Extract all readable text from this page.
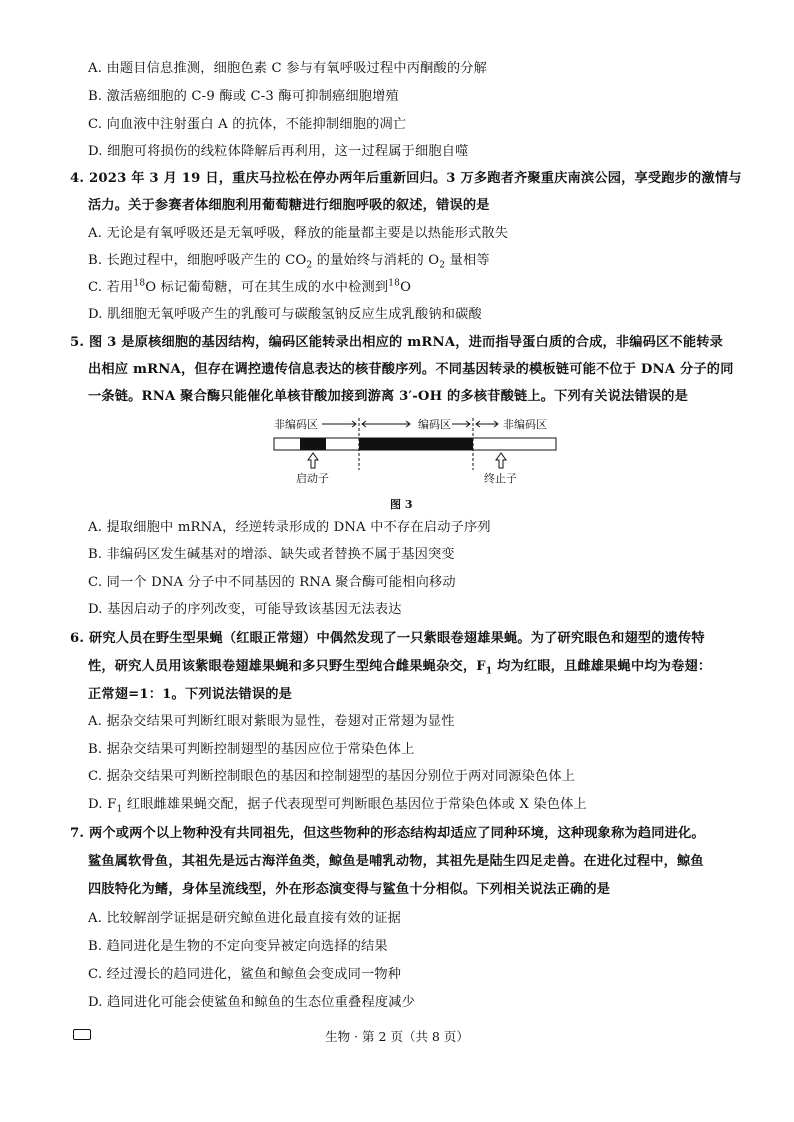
A. 由题目信息推测，细胞色素 C 参与有氧呼吸过程中丙酮酸的分解
B. 激活癌细胞的 C-9 酶或 C-3 酶可抑制癌细胞增殖
C. 向血液中注射蛋白 A 的抗体，不能抑制细胞的凋亡
D. 细胞可将损伤的线粒体降解后再利用，这一过程属于细胞自噬
4. 2023 年 3 月 19 日，重庆马拉松在停办两年后重新回归。3 万多跑者齐聚重庆南滨公园，享受跑步的激情与
活力。关于参赛者体细胞利用葡萄糖进行细胞呼吸的叙述，错误的是
A. 无论是有氧呼吸还是无氧呼吸，释放的能量都主要是以热能形式散失
B. 长跑过程中，细胞呼吸产生的 $CO_2$ 的量始终与消耗的 $O_2$ 量相等
C. 若用$^{18}$O 标记葡萄糖，可在其生成的水中检测到$^{18}$O
D. 肌细胞无氧呼吸产生的乳酸可与碳酸氢钠反应生成乳酸钠和碳酸
5. 图 3 是原核细胞的基因结构，编码区能转录出相应的 mRNA，进而指导蛋白质的合成，非编码区不能转录
出相应 mRNA，但存在调控遗传信息表达的核苷酸序列。不同基因转录的模板链可能不位于 DNA 分子的同
一条链。RNA 聚合酶只能催化单核苷酸加接到游离 3′-OH 的多核苷酸链上。下列有关说法错误的是
非编码区	编码区	非编码区
启动子	终止子
图 3
A. 提取细胞中 mRNA，经逆转录形成的 DNA 中不存在启动子序列
B. 非编码区发生碱基对的增添、缺失或者替换不属于基因突变
C. 同一个 DNA 分子中不同基因的 RNA 聚合酶可能相向移动
D. 基因启动子的序列改变，可能导致该基因无法表达
6. 研究人员在野生型果蝇（红眼正常翅）中偶然发现了一只紫眼卷翅雄果蝇。为了研究眼色和翅型的遗传特
性，研究人员用该紫眼卷翅雄果蝇和多只野生型纯合雌果蝇杂交，$F_1$ 均为红眼，且雌雄果蝇中均为卷翅：
正常翅=1：1。下列说法错误的是
A. 据杂交结果可判断红眼对紫眼为显性，卷翅对正常翅为显性
B. 据杂交结果可判断控制翅型的基因应位于常染色体上
C. 据杂交结果可判断控制眼色的基因和控制翅型的基因分别位于两对同源染色体上
D. $F_1$ 红眼雌雄果蝇交配，据子代表现型可判断眼色基因位于常染色体或 X 染色体上
7. 两个或两个以上物种没有共同祖先，但这些物种的形态结构却适应了同种环境，这种现象称为趋同进化。
鲨鱼属软骨鱼，其祖先是远古海洋鱼类，鲸鱼是哺乳动物，其祖先是陆生四足走兽。在进化过程中，鲸鱼
四肢特化为鳍，身体呈流线型，外在形态演变得与鲨鱼十分相似。下列相关说法正确的是
A. 比较解剖学证据是研究鲸鱼进化最直接有效的证据
B. 趋同进化是生物的不定向变异被定向选择的结果
C. 经过漫长的趋同进化，鲨鱼和鲸鱼会变成同一物种
D. 趋同进化可能会使鲨鱼和鲸鱼的生态位重叠程度减少
生物 · 第 2 页（共 8 页）
